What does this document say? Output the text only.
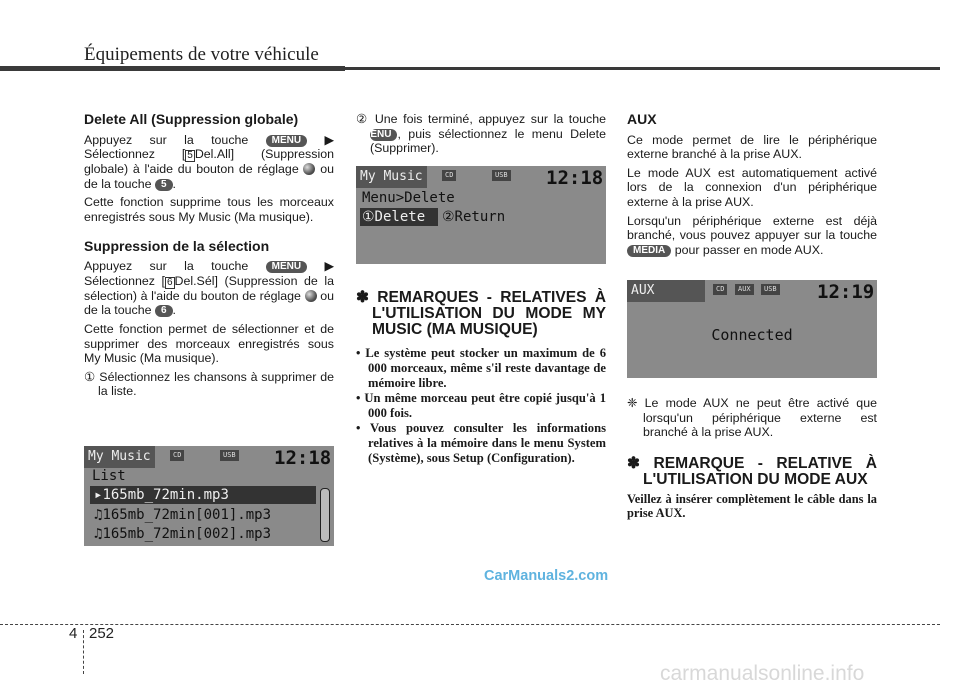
Équipements de votre véhicule
Delete All (Suppression globale)

Appuyez sur la touche MENU ▶ Sélectionnez [ 5 Del.All] (Suppression globale) à l'aide du bouton de réglage ou de la touche 5 .

Cette fonction supprime tous les morceaux enregistrés sous My Music (Ma musique).

Suppression de la sélection

Appuyez sur la touche MENU ▶ Sélectionnez [ 6 Del.Sél] (Suppression de la sélection) à l'aide du bouton de réglage ou de la touche 6 .

Cette fonction permet de sélectionner et de supprimer des morceaux enregistrés sous My Music (Ma musique).

① Sélectionnez les chansons à supprimer de la liste.

My Music	CD	USB 12:18
List
▸165mb_72min.mp3
♫165mb_72min[001].mp3
♫165mb_72min[002].mp3

② Une fois terminé, appuyez sur la touche MENU , puis sélectionnez le menu Delete (Supprimer).

My Music	CD	USB 12:18
Menu>Delete
①Delete ②Return

✽ REMARQUES - RELATIVES À L'UTILISATION DU MODE MY MUSIC (MA MUSIQUE)

• Le système peut stocker un maximum de 6 000 morceaux, même s'il reste davantage de mémoire libre.
• Un même morceau peut être copié jusqu'à 1 000 fois.
• Vous pouvez consulter les informations relatives à la mémoire dans le menu System (Système), sous Setup (Configuration).
AUX

Ce mode permet de lire le périphérique externe branché à la prise AUX.

Le mode AUX est automatiquement activé lors de la connexion d'un périphérique externe à la prise AUX.

Lorsqu'un périphérique externe est déjà branché, vous pouvez appuyer sur la touche MEDIA pour passer en mode AUX.

AUX	CD	AUX	USB 12:19
Connected

❈ Le mode AUX ne peut être activé que lorsqu'un périphérique externe est branché à la prise AUX.

✽ REMARQUE - RELATIVE À L'UTILISATION DU MODE AUX

Veillez à insérer complètement le câble dans la prise AUX.

CarManuals2.com
4 252
carmanualsonline.info
